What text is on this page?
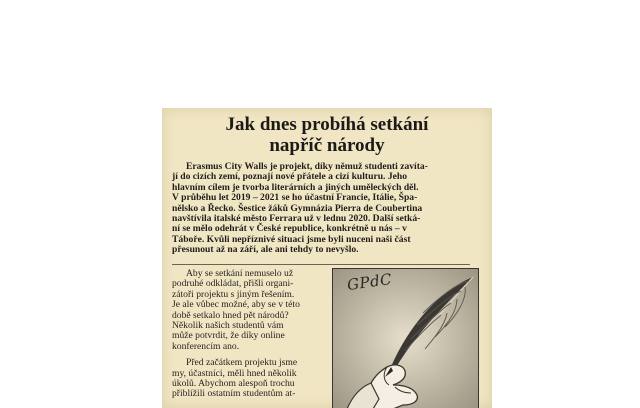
Jak dnes probíhá setkání
napříč národy
Erasmus City Walls je projekt, díky němuž studenti zavíta-
jí do cizích zemí, poznají nové přátele a cizí kulturu. Jeho
hlavním cílem je tvorba literárních a jiných uměleckých děl.
V průběhu let 2019 – 2021 se ho účastní Francie, Itálie, Špa-
nělsko a Řecko. Šestice žáků Gymnázia Pierra de Coubertina
navštívila italské město Ferrara už v lednu 2020. Další setká-
ní se mělo odehrát v České republice, konkrétně u nás – v
Táboře. Kvůli nepříznivé situaci jsme byli nuceni naši část
přesunout až na září, ale ani tehdy to nevyšlo.
Aby se setkání nemuselo už
podruhé odkládat, přišli organi-
zátoři projektu s jiným řešením.
Je ale vůbec možné, aby se v této
době setkalo hned pět národů?
Několik našich studentů vám
může potvrdit, že díky online
konferencím ano.
Před začátkem projektu jsme
my, účastníci, měli hned několik
úkolů. Abychom alespoň trochu
přiblížili ostatním studentům at-
GPdC
